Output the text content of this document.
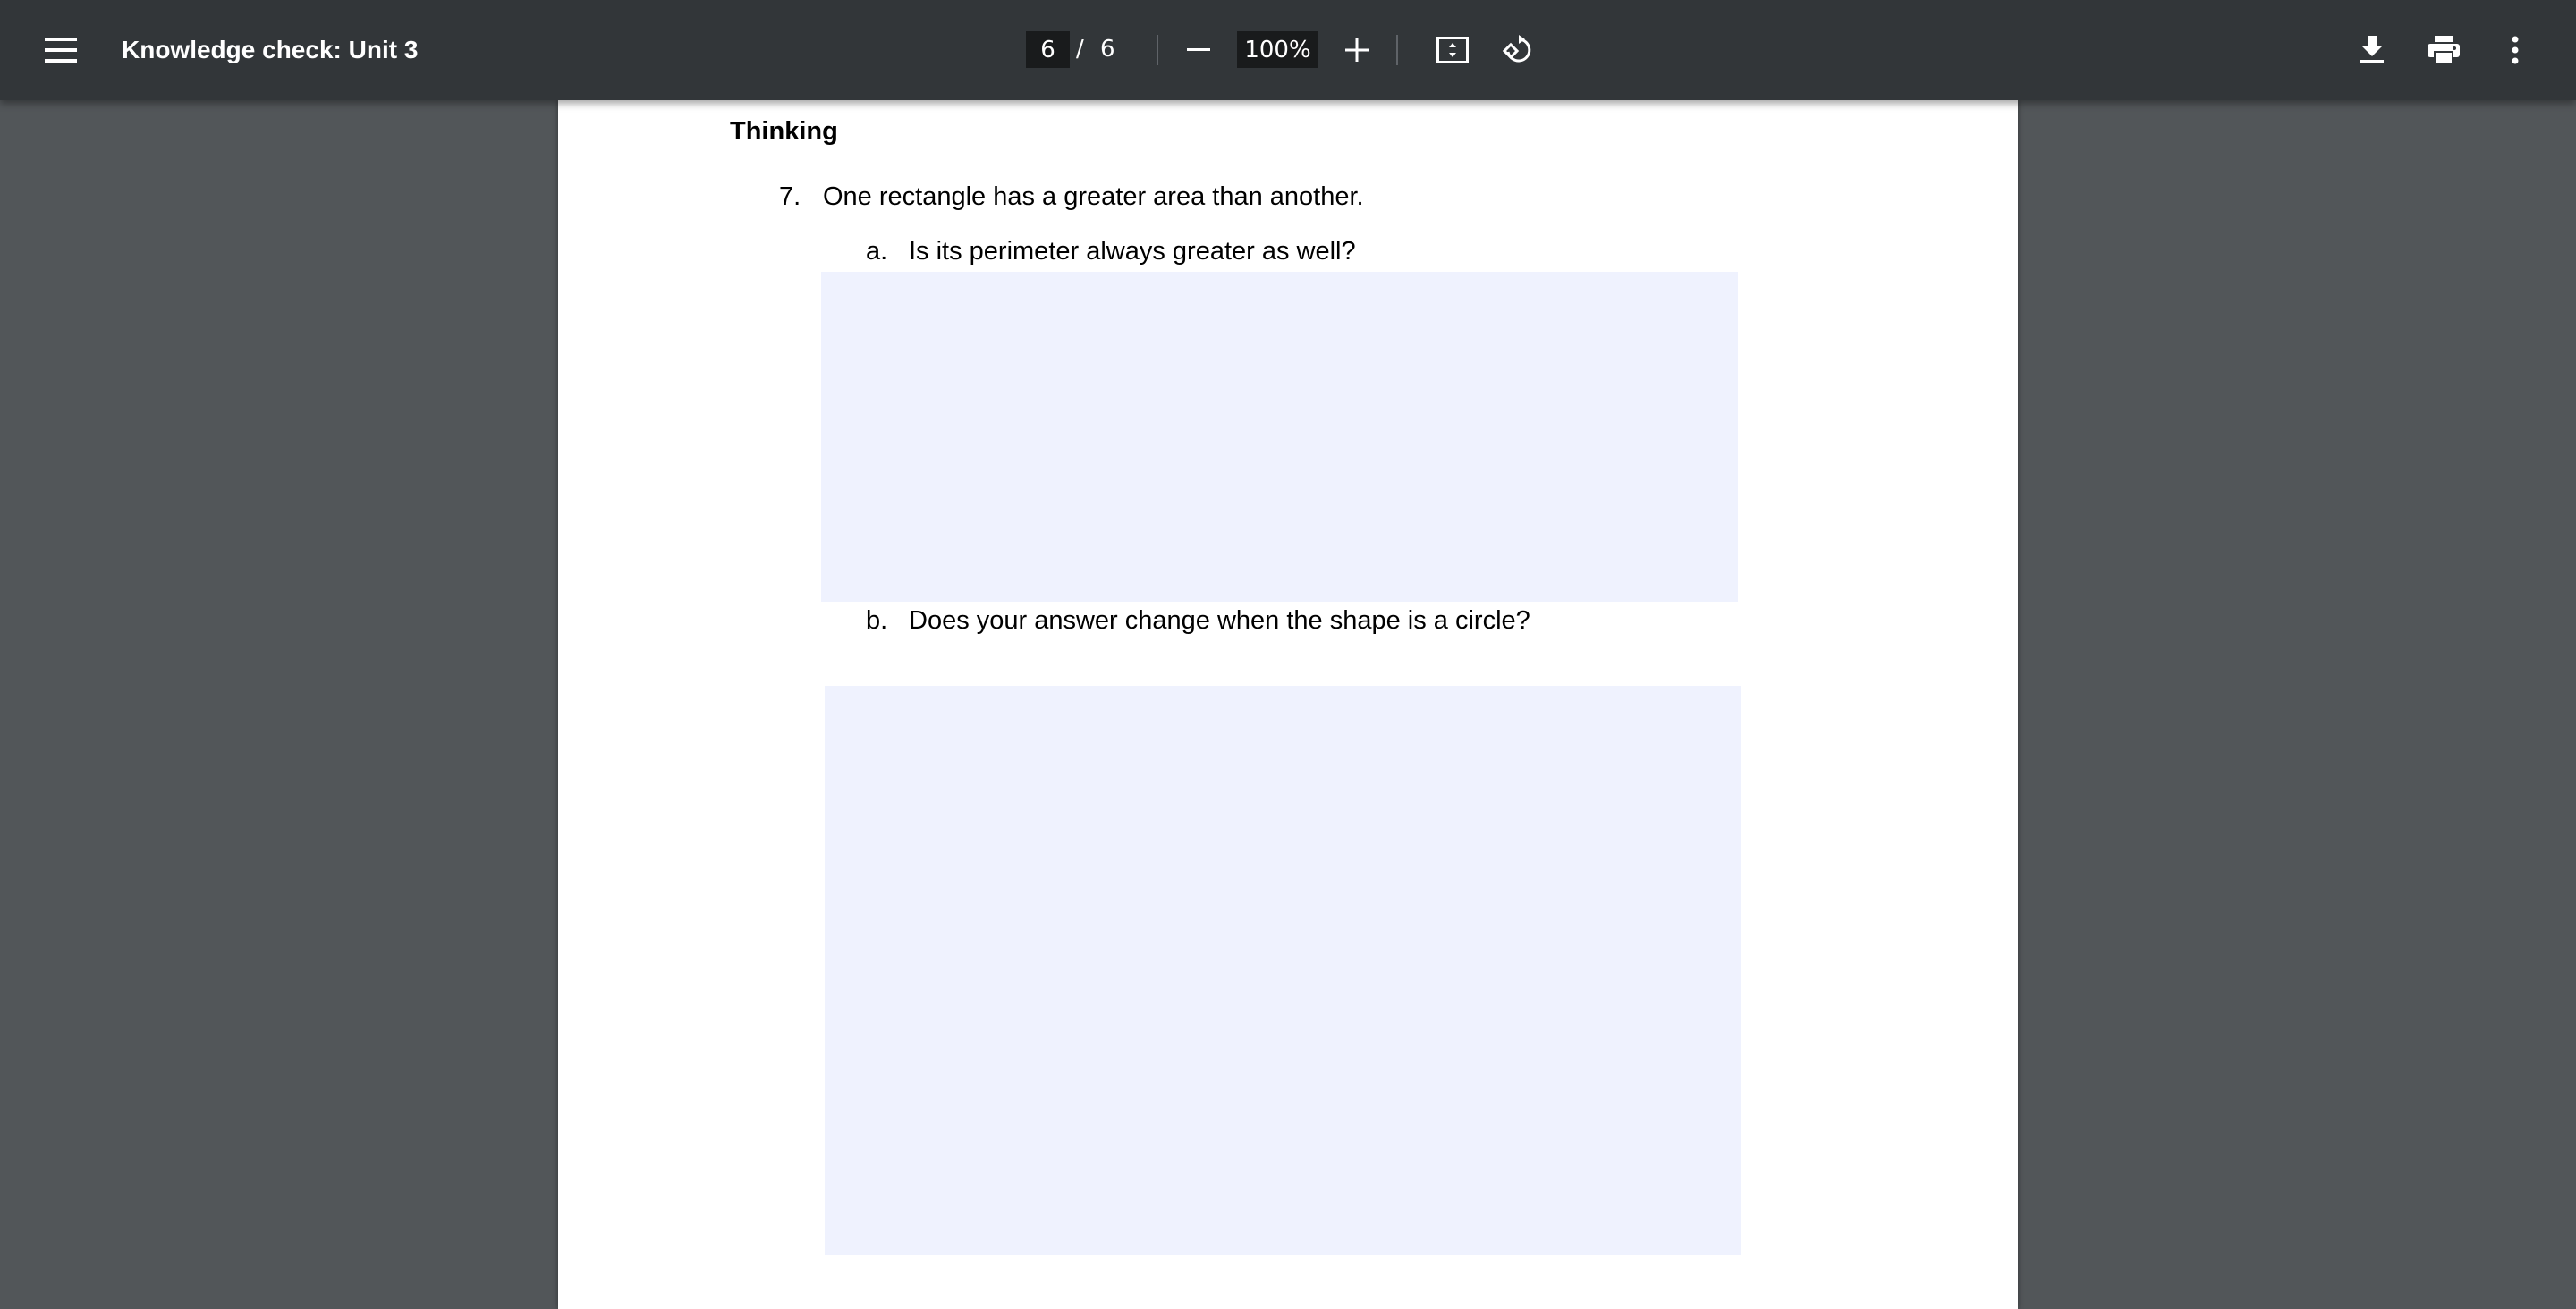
Knowledge check: Unit 3
6	/ 6
100%
Thinking
7. One rectangle has a greater area than another.
a. Is its perimeter always greater as well?
b. Does your answer change when the shape is a circle?
